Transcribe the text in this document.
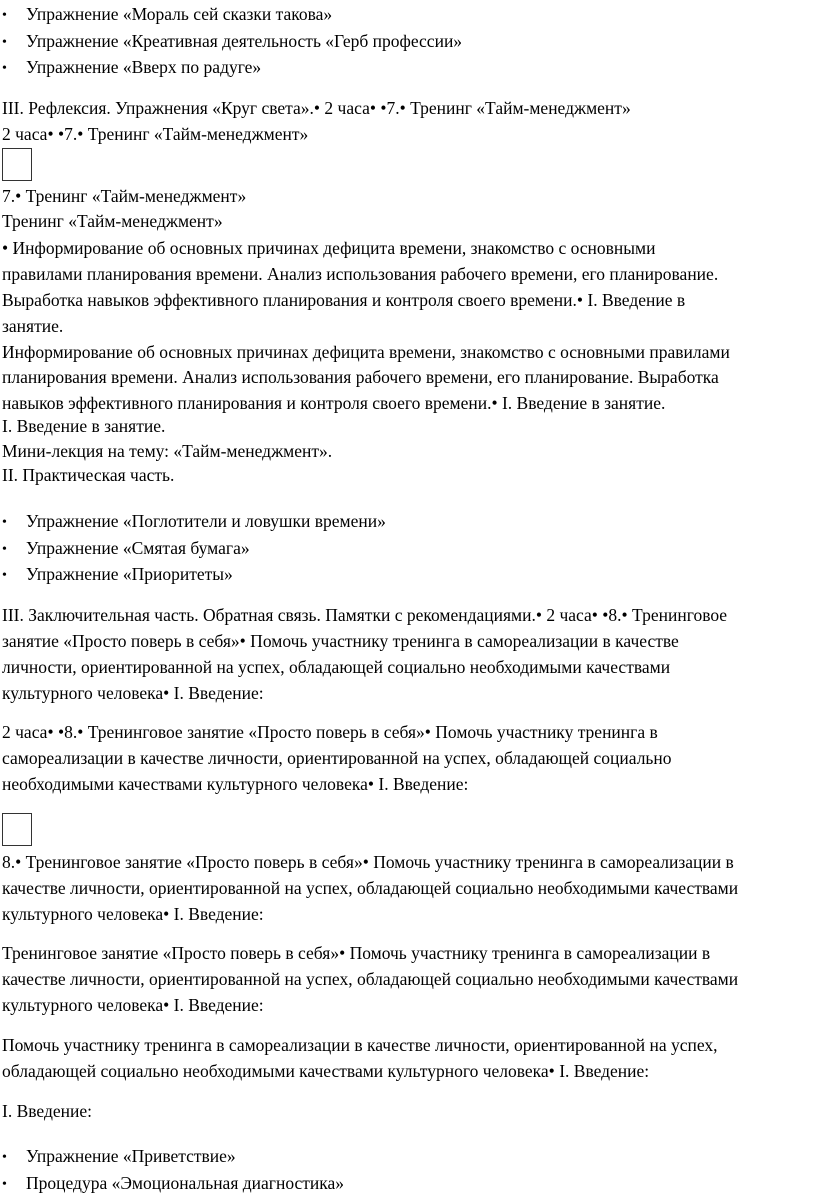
• Упражнение «Мораль сей сказки такова»
• Упражнение «Креативная деятельность «Герб профессии»
• Упражнение «Вверх по радуге»
III. Рефлексия. Упражнения «Круг света».• 2 часа• •7.• Тренинг «Тайм-менеджмент»
2 часа• •7.• Тренинг «Тайм-менеджмент»
7.• Тренинг «Тайм-менеджмент»
Тренинг «Тайм-менеджмент»
• Информирование об основных причинах дефицита времени, знакомство с основными
правилами планирования времени. Анализ использования рабочего времени, его планирование.
Выработка навыков эффективного планирования и контроля своего времени.• I. Введение в
занятие.
Информирование об основных причинах дефицита времени, знакомство с основными правилами
планирования времени. Анализ использования рабочего времени, его планирование. Выработка
навыков эффективного планирования и контроля своего времени.• I. Введение в занятие.
I. Введение в занятие.
Мини-лекция на тему: «Тайм-менеджмент».
II. Практическая часть.
• Упражнение «Поглотители и ловушки времени»
• Упражнение «Смятая бумага»
• Упражнение «Приоритеты»
III. Заключительная часть. Обратная связь. Памятки с рекомендациями.• 2 часа• •8.• Тренинговое
занятие «Просто поверь в себя»• Помочь участнику тренинга в самореализации в качестве
личности, ориентированной на успех, обладающей социально необходимыми качествами
культурного человека• I. Введение:
2 часа• •8.• Тренинговое занятие «Просто поверь в себя»• Помочь участнику тренинга в
самореализации в качестве личности, ориентированной на успех, обладающей социально
необходимыми качествами культурного человека• I. Введение:
8.• Тренинговое занятие «Просто поверь в себя»• Помочь участнику тренинга в самореализации в
качестве личности, ориентированной на успех, обладающей социально необходимыми качествами
культурного человека• I. Введение:
Тренинговое занятие «Просто поверь в себя»• Помочь участнику тренинга в самореализации в
качестве личности, ориентированной на успех, обладающей социально необходимыми качествами
культурного человека• I. Введение:
Помочь участнику тренинга в самореализации в качестве личности, ориентированной на успех,
обладающей социально необходимыми качествами культурного человека• I. Введение:
I. Введение:
• Упражнение «Приветствие»
• Процедура «Эмоциональная диагностика»
